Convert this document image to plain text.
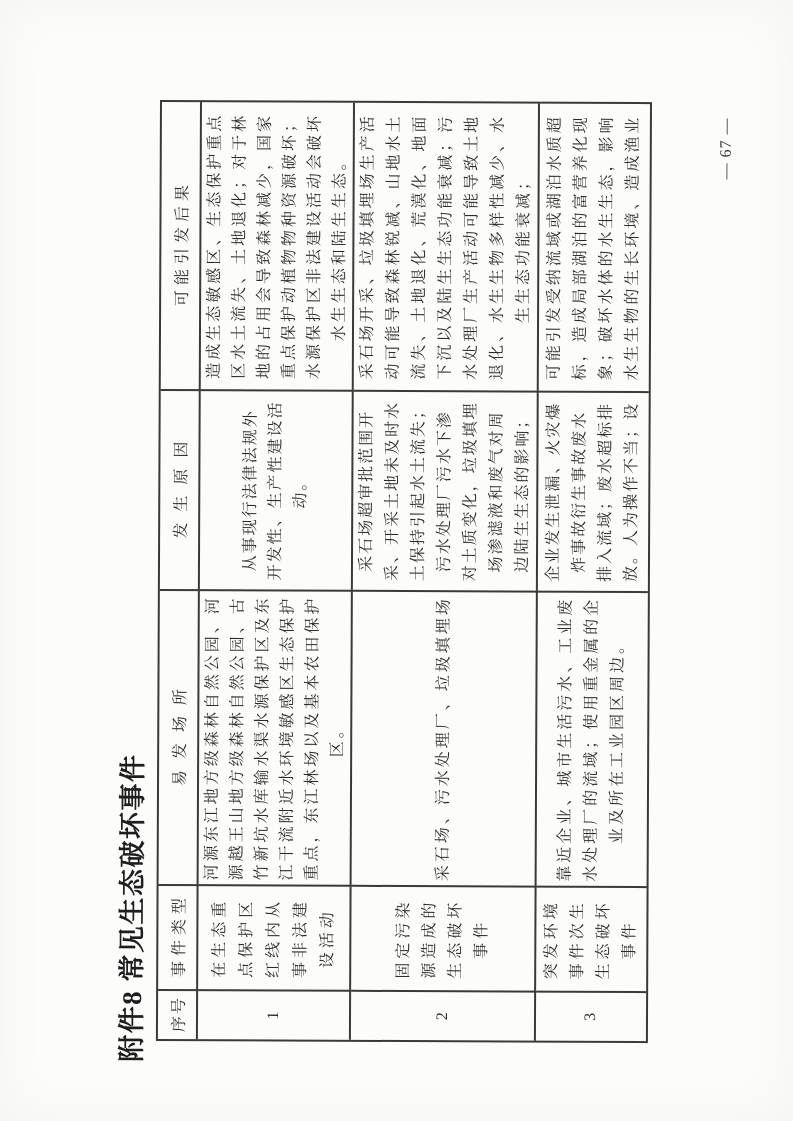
附件8 常见生态破坏事件	序号
事件类型
易发场所
发生原因
可能引发后果
1
在生态重
点保护区
红线内从
事非法建
设活动
河源东江地方级森林自然公园、河
源越王山地方级森林自然公园、古
竹新坑水库输水渠水源保护区及东
江干流附近水环境敏感区生态保护
重点，东江林场以及基本农田保护
区。
从事现行法律法规外
开发性、生产性建设活
动。
造成生态敏感区、生态保护重点
区水土流失、土地退化；对于林
地的占用会导致森林减少，国家
重点保护动植物物种资源破坏；
水源保护区非法建设活动会破坏
水生生态和陆生生态。
2
固定污染
源造成的
生态破坏
事件
采石场、污水处理厂、垃圾填埋场
采石场超审批范围开
采、开采土地未及时水
土保持引起水土流失；
污水处理厂污水下渗
对土质变化，垃圾填埋
场渗滤液和废气对周
边陆生生态的影响；
采石场开采、垃圾填埋场生产活
动可能导致森林锐减、山地水土
流失、土地退化、荒漠化、地面
下沉以及陆生生态功能衰减；污
水处理厂生产活动可能导致土地
退化、水生生物多样性减少、水
生生态功能衰减；
3
突发环境
事件次生
生态破坏
事件
靠近企业、城市生活污水、工业废
水处理厂的流域；使用重金属的企
业及所在工业园区周边。
企业发生泄漏、火灾爆
炸事故衍生事故废水
排入流域；废水超标排
放。人为操作不当；设
可能引发受纳流域或湖泊水质超
标，造成局部湖泊的富营养化现
象；破坏水体的水生生态，影响
水生生物的生长环境、造成渔业	— 67 —
